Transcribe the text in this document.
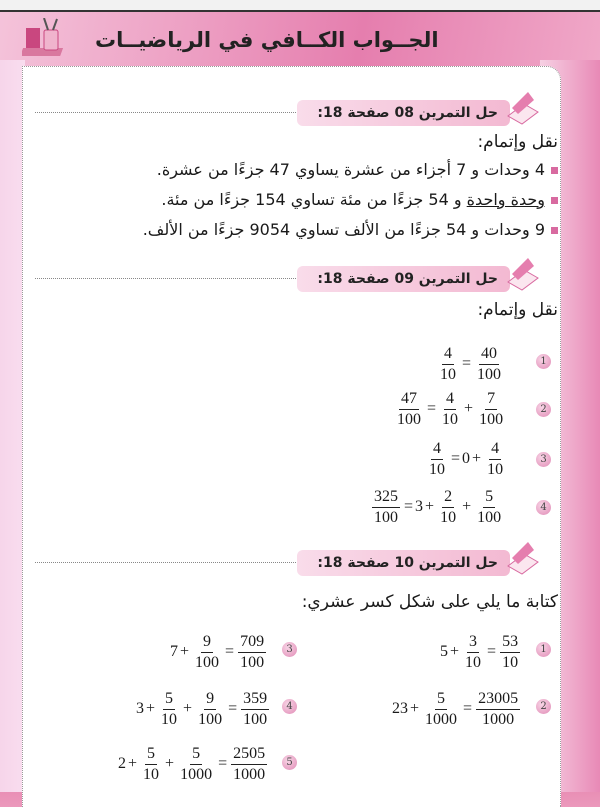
الجــواب الكــافي في الرياضيــات
حل التمرين 08 صفحة 18:
نقل وإتمام:
4 وحدات و 7 أجزاء من عشرة يساوي 47 جزءًا من عشرة.
وحدة واحدة و 54 جزءًا من مئة تساوي 154 جزءًا من مئة.
9 وحدات و 54 جزءًا من الألف تساوي 9054 جزءًا من الألف.
حل التمرين 09 صفحة 18:
نقل وإتمام:
$\frac{4}{10} = \frac{40}{100}$	1
$\frac{47}{100} = \frac{4}{10} + \frac{7}{100}$	2
$\frac{4}{10} = 0 + \frac{4}{10}$	3
$\frac{325}{100} = 3 + \frac{2}{10} + \frac{5}{100}$	4
حل التمرين 10 صفحة 18:
كتابة ما يلي على شكل كسر عشري:
$5 + \frac{3}{10} = \frac{53}{10}$	1
$23 + \frac{5}{1000} = \frac{23005}{1000}$	2
$7 + \frac{9}{100} = \frac{709}{100}$	3
$3 + \frac{5}{10} + \frac{9}{100} = \frac{359}{100}$	4
$2 + \frac{5}{10} + \frac{5}{1000} = \frac{2505}{1000}$	5
